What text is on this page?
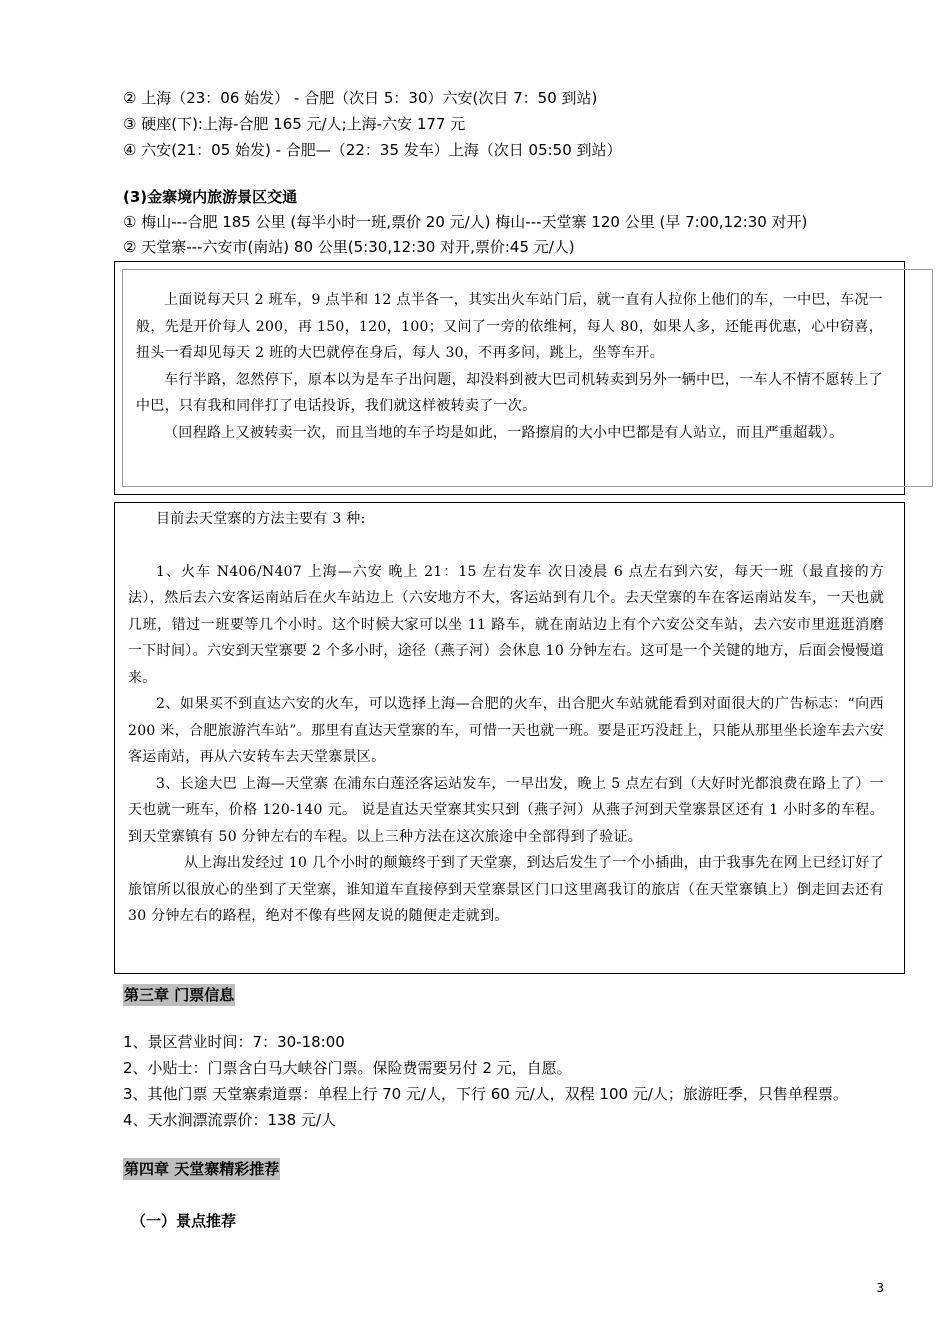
② 上海（23：06 始发） - 合肥（次日 5：30）六安(次日 7：50 到站)
③ 硬座(下):上海-合肥 165 元/人;上海-六安 177 元
④ 六安(21：05 始发) - 合肥—（22：35 发车）上海（次日 05:50 到站）
(3)金寨境内旅游景区交通
① 梅山---合肥 185 公里 (每半小时一班,票价 20 元/人) 梅山---天堂寨 120 公里 (早 7:00,12:30 对开)
② 天堂寨---六安市(南站) 80 公里(5:30,12:30 对开,票价:45 元/人)

上面说每天只 2 班车，9 点半和 12 点半各一，其实出火车站门后，就一直有人拉你上他们的车，一中巴，车况一般，先是开价每人 200，再 150，120，100；又问了一旁的依维柯，每人 80，如果人多，还能再优惠，心中窃喜，扭头一看却见每天 2 班的大巴就停在身后，每人 30，不再多问，跳上，坐等车开。

车行半路，忽然停下，原本以为是车子出问题，却没料到被大巴司机转卖到另外一辆中巴，一车人不情不愿转上了中巴，只有我和同伴打了电话投诉，我们就这样被转卖了一次。

（回程路上又被转卖一次，而且当地的车子均是如此，一路擦肩的大小中巴都是有人站立，而且严重超载）。

目前去天堂寨的方法主要有 3 种:

1、火车 N406/N407 上海—六安 晚上 21：15 左右发车 次日凌晨 6 点左右到六安，每天一班（最直接的方法），然后去六安客运南站后在火车站边上（六安地方不大，客运站到有几个。去天堂寨的车在客运南站发车，一天也就几班，错过一班要等几个小时。这个时候大家可以坐 11 路车，就在南站边上有个六安公交车站，去六安市里逛逛消磨一下时间）。六安到天堂寨要 2 个多小时，途径（燕子河）会休息 10 分钟左右。这可是一个关键的地方，后面会慢慢道来。

2、如果买不到直达六安的火车，可以选择上海—合肥的火车，出合肥火车站就能看到对面很大的广告标志：“向西 200 米，合肥旅游汽车站”。那里有直达天堂寨的车，可惜一天也就一班。要是正巧没赶上，只能从那里坐长途车去六安客运南站，再从六安转车去天堂寨景区。

3、长途大巴 上海—天堂寨 在浦东白莲泾客运站发车，一早出发，晚上 5 点左右到（大好时光都浪费在路上了）一天也就一班车，价格 120-140 元。 说是直达天堂寨其实只到（燕子河）从燕子河到天堂寨景区还有 1 小时多的车程。到天堂寨镇有 50 分钟左右的车程。以上三种方法在这次旅途中全部得到了验证。

从上海出发经过 10 几个小时的颠簸终于到了天堂寨，到达后发生了一个小插曲，由于我事先在网上已经订好了旅馆所以很放心的坐到了天堂寨，谁知道车直接停到天堂寨景区门口这里离我订的旅店（在天堂寨镇上）倒走回去还有 30 分钟左右的路程，绝对不像有些网友说的随便走走就到。

第三章 门票信息
1、景区营业时间：7：30-18:00
2、小贴士：门票含白马大峡谷门票。保险费需要另付 2 元，自愿。
3、其他门票 天堂寨索道票：单程上行 70 元/人，下行 60 元/人，双程 100 元/人；旅游旺季，只售单程票。
4、天水涧漂流票价：138 元/人
第四章 天堂寨精彩推荐
（一）景点推荐
3
